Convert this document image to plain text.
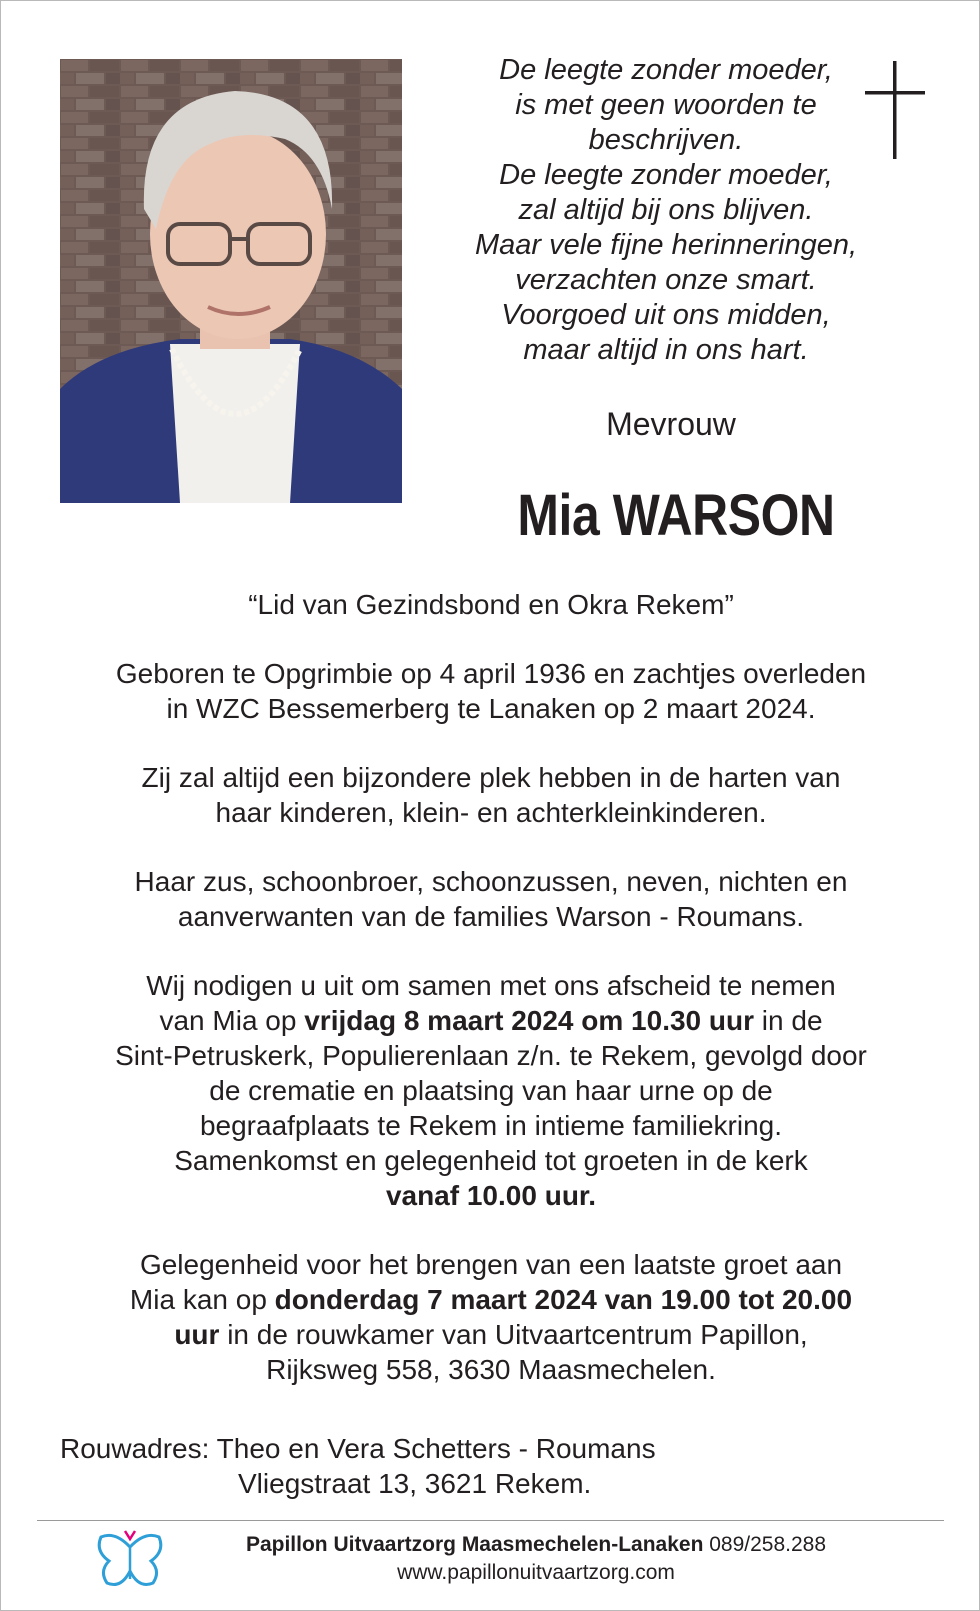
De leegte zonder moeder,
is met geen woorden te
beschrijven.
De leegte zonder moeder,
zal altijd bij ons blijven.
Maar vele fijne herinneringen,
verzachten onze smart.
Voorgoed uit ons midden,
maar altijd in ons hart.
Mevrouw
Mia WARSON
“Lid van Gezindsbond en Okra Rekem”
Geboren te Opgrimbie op 4 april 1936 en zachtjes overleden
in WZC Bessemerberg te Lanaken op 2 maart 2024.
Zij zal altijd een bijzondere plek hebben in de harten van
haar kinderen, klein- en achterkleinkinderen.
Haar zus, schoonbroer, schoonzussen, neven, nichten en
aanverwanten van de families Warson - Roumans.
Wij nodigen u uit om samen met ons afscheid te nemen
van Mia op vrijdag 8 maart 2024 om 10.30 uur in de
Sint-Petruskerk, Populierenlaan z/n. te Rekem, gevolgd door
de crematie en plaatsing van haar urne op de
begraafplaats te Rekem in intieme familiekring.
Samenkomst en gelegenheid tot groeten in de kerk
vanaf 10.00 uur.
Gelegenheid voor het brengen van een laatste groet aan
Mia kan op donderdag 7 maart 2024 van 19.00 tot 20.00
uur in de rouwkamer van Uitvaartcentrum Papillon,
Rijksweg 558, 3630 Maasmechelen.
Rouwadres: Theo en Vera Schetters - Roumans
Vliegstraat 13, 3621 Rekem.
Papillon Uitvaartzorg Maasmechelen-Lanaken 089/258.288
www.papillonuitvaartzorg.com
